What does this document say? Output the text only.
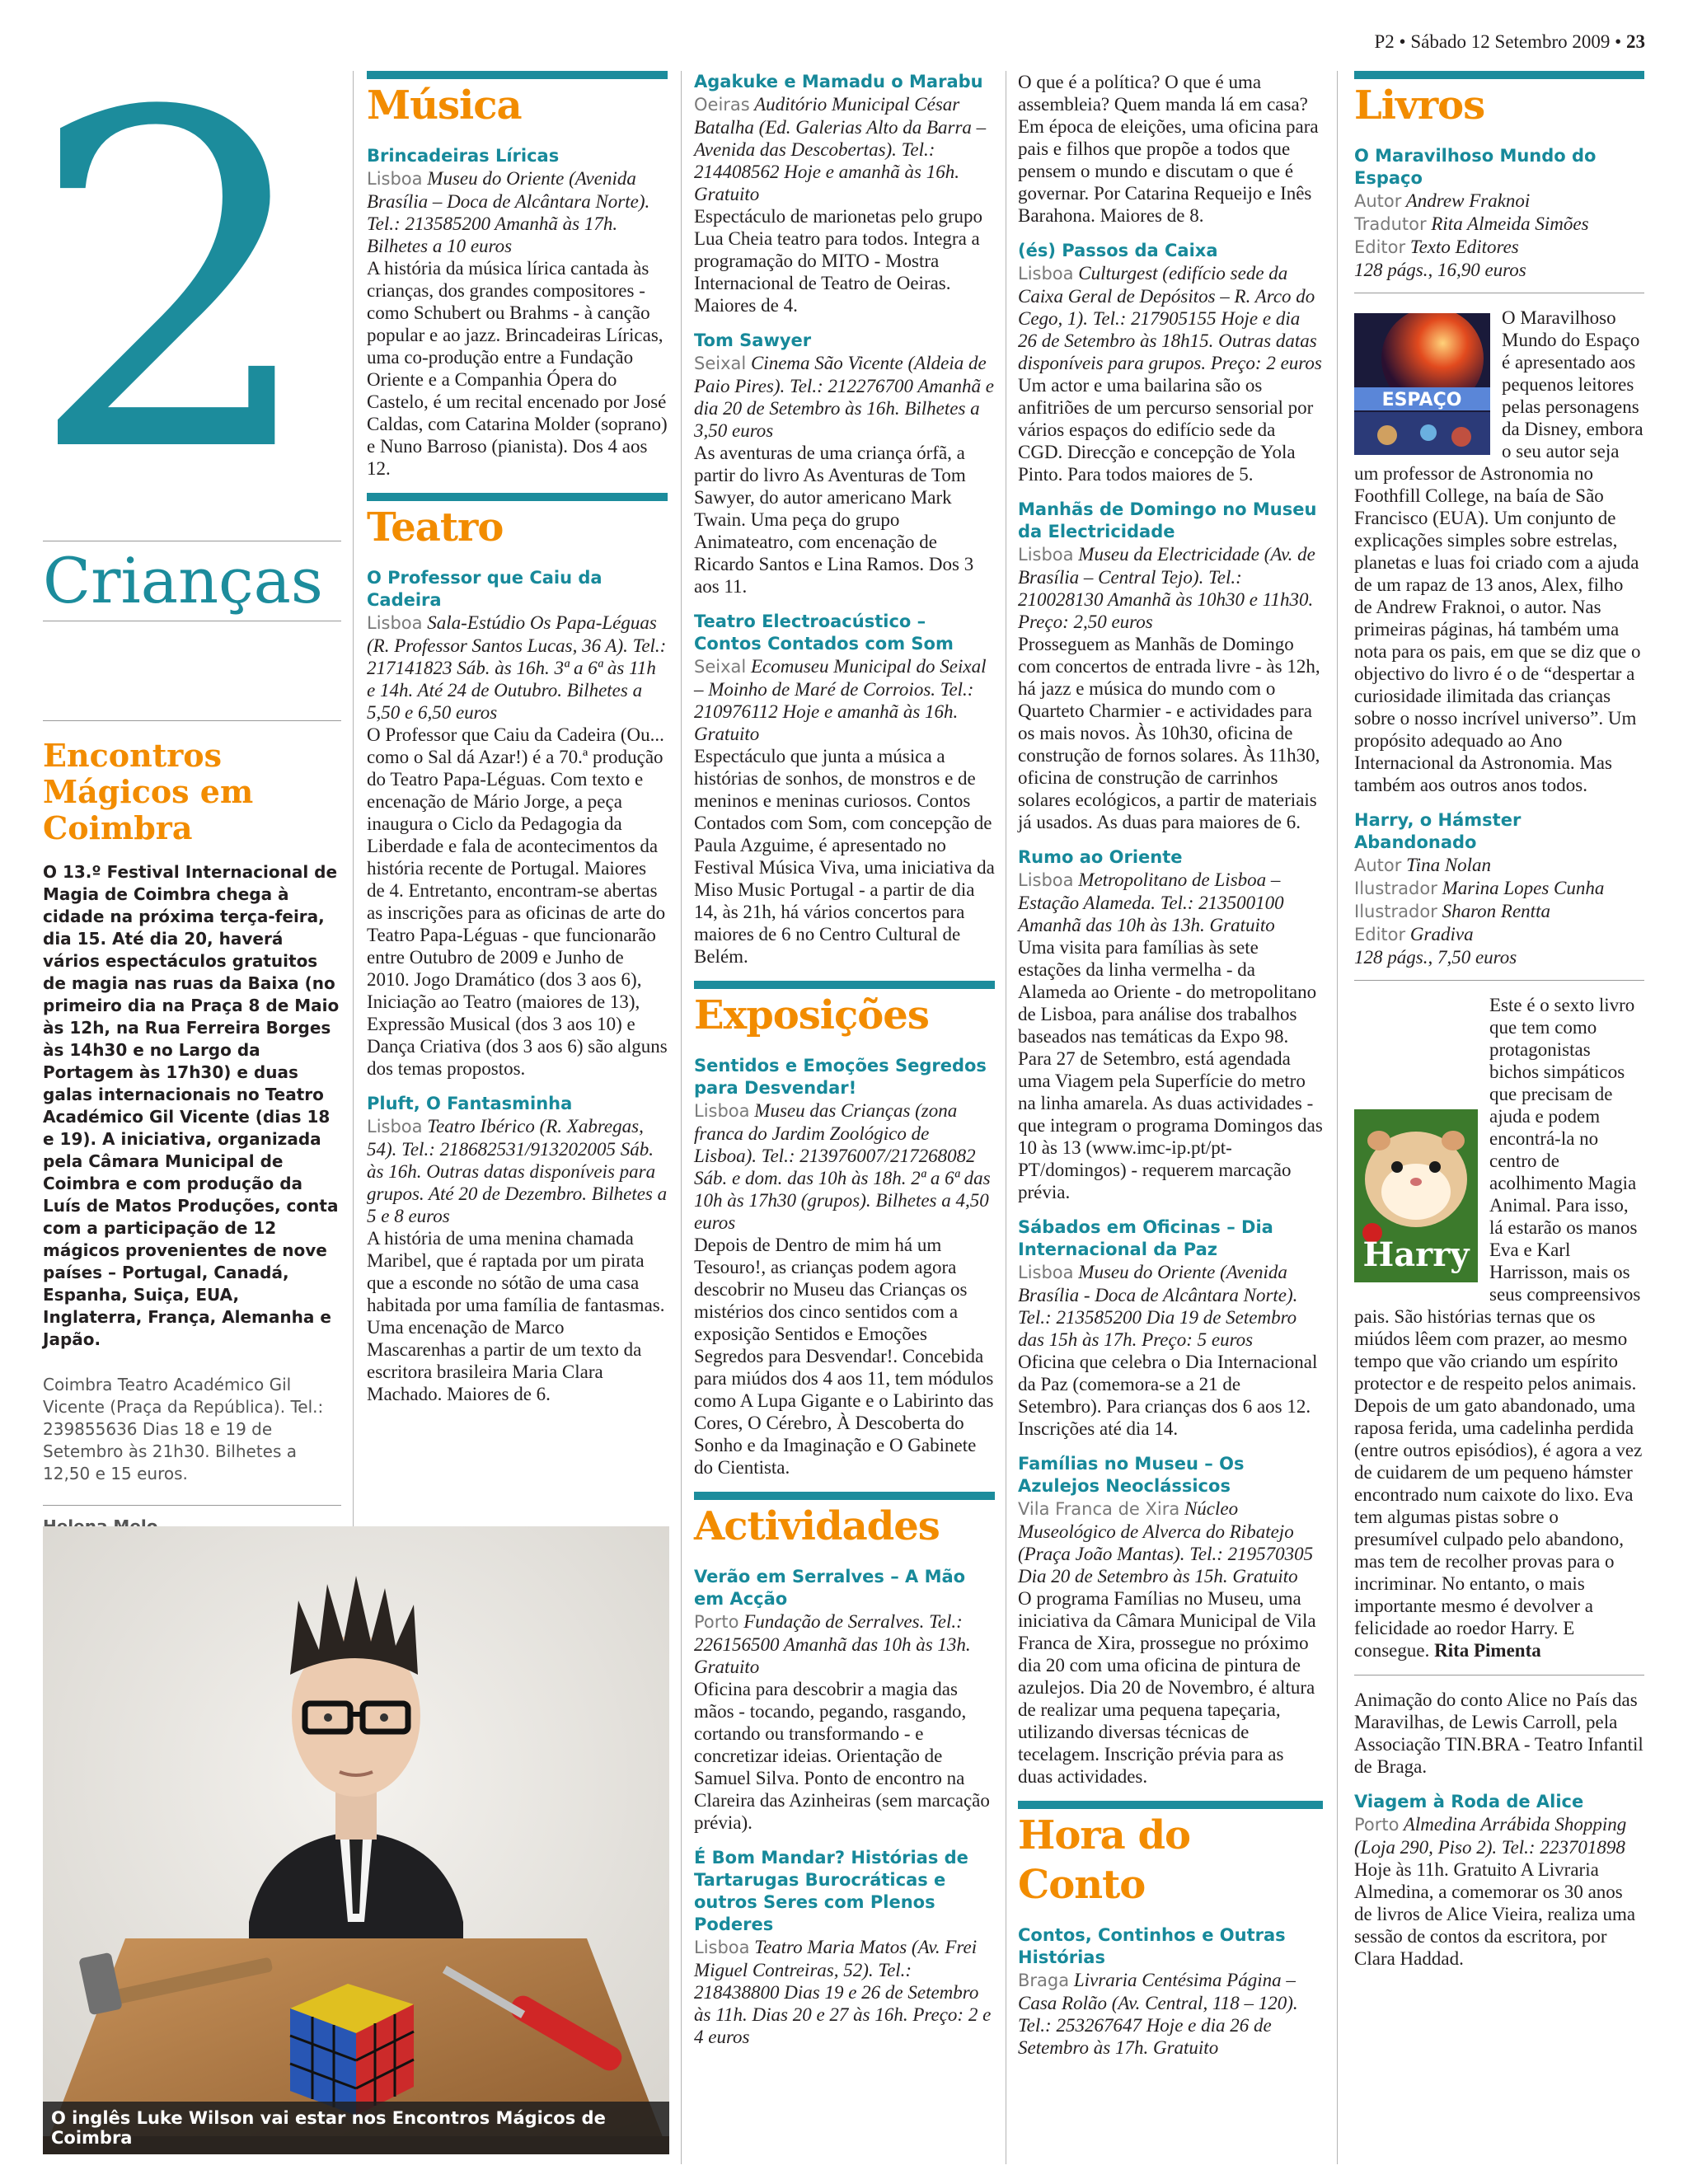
P2 • Sábado 12 Setembro 2009 • 23
2
Crianças
Encontros Mágicos em Coimbra
O 13.º Festival Internacional de Magia de Coimbra chega à cidade na próxima terça-feira, dia 15. Até dia 20, haverá vários espectáculos gratuitos de magia nas ruas da Baixa (no primeiro dia na Praça 8 de Maio às 12h, na Rua Ferreira Borges às 14h30 e no Largo da Portagem às 17h30) e duas galas internacionais no Teatro Académico Gil Vicente (dias 18 e 19). A iniciativa, organizada pela Câmara Municipal de Coimbra e com produção da Luís de Matos Produções, conta com a participação de 12 mágicos provenientes de nove países – Portugal, Canadá, Espanha, Suiça, EUA, Inglaterra, França, Alemanha e Japão.
Coimbra Teatro Académico Gil Vicente (Praça da República). Tel.: 239855636 Dias 18 e 19 de Setembro às 21h30. Bilhetes a 12,50 e 15 euros.
O inglês Luke Wilson vai estar nos Encontros Mágicos de Coimbra
Música
Brincadeiras Líricas
Lisboa Museu do Oriente (Avenida Brasília – Doca de Alcântara Norte). Tel.: 213585200 Amanhã às 17h. Bilhetes a 10 euros
A história da música lírica cantada às crianças, dos grandes compositores - como Schubert ou Brahms - à canção popular e ao jazz. Brincadeiras Líricas, uma co-produção entre a Fundação Oriente e a Companhia Ópera do Castelo, é um recital encenado por José Caldas, com Catarina Molder (soprano) e Nuno Barroso (pianista). Dos 4 aos 12.
Teatro
O Professor que Caiu da Cadeira
Lisboa Sala-Estúdio Os Papa-Léguas (R. Professor Santos Lucas, 36 A). Tel.: 217141823 Sáb. às 16h. 3ª a 6ª às 11h e 14h. Até 24 de Outubro. Bilhetes a 5,50 e 6,50 euros
O Professor que Caiu da Cadeira (Ou... como o Sal dá Azar!) é a 70.ª produção do Teatro Papa-Léguas. Com texto e encenação de Mário Jorge, a peça inaugura o Ciclo da Pedagogia da Liberdade e fala de acontecimentos da história recente de Portugal. Maiores de 4. Entretanto, encontram-se abertas as inscrições para as oficinas de arte do Teatro Papa-Léguas - que funcionarão entre Outubro de 2009 e Junho de 2010. Jogo Dramático (dos 3 aos 6), Iniciação ao Teatro (maiores de 13), Expressão Musical (dos 3 aos 10) e Dança Criativa (dos 3 aos 6) são alguns dos temas propostos.
Pluft, O Fantasminha
Lisboa Teatro Ibérico (R. Xabregas, 54). Tel.: 218682531/913202005 Sáb. às 16h. Outras datas disponíveis para grupos. Até 20 de Dezembro. Bilhetes a 5 e 8 euros
A história de uma menina chamada Maribel, que é raptada por um pirata que a esconde no sótão de uma casa habitada por uma família de fantasmas. Uma encenação de Marco Mascarenhas a partir de um texto da escritora brasileira Maria Clara Machado. Maiores de 6.
Agakuke e Mamadu o Marabu
Oeiras Auditório Municipal César Batalha (Ed. Galerias Alto da Barra – Avenida das Descobertas). Tel.: 214408562 Hoje e amanhã às 16h. Gratuito
Espectáculo de marionetas pelo grupo Lua Cheia teatro para todos. Integra a programação do MITO - Mostra Internacional de Teatro de Oeiras. Maiores de 4.
Tom Sawyer
Seixal Cinema São Vicente (Aldeia de Paio Pires). Tel.: 212276700 Amanhã e dia 20 de Setembro às 16h. Bilhetes a 3,50 euros
As aventuras de uma criança órfã, a partir do livro As Aventuras de Tom Sawyer, do autor americano Mark Twain. Uma peça do grupo Animateatro, com encenação de Ricardo Santos e Lina Ramos. Dos 3 aos 11.
Teatro Electroacústico – Contos Contados com Som
Seixal Ecomuseu Municipal do Seixal – Moinho de Maré de Corroios. Tel.: 210976112 Hoje e amanhã às 16h. Gratuito
Espectáculo que junta a música a histórias de sonhos, de monstros e de meninos e meninas curiosos. Contos Contados com Som, com concepção de Paula Azguime, é apresentado no Festival Música Viva, uma iniciativa da Miso Music Portugal - a partir de dia 14, às 21h, há vários concertos para maiores de 6 no Centro Cultural de Belém.
Exposições
Sentidos e Emoções Segredos para Desvendar!
Lisboa Museu das Crianças (zona franca do Jardim Zoológico de Lisboa). Tel.: 213976007/217268082 Sáb. e dom. das 10h às 18h. 2ª a 6ª das 10h às 17h30 (grupos). Bilhetes a 4,50 euros
Depois de Dentro de mim há um Tesouro!, as crianças podem agora descobrir no Museu das Crianças os mistérios dos cinco sentidos com a exposição Sentidos e Emoções Segredos para Desvendar!. Concebida para miúdos dos 4 aos 11, tem módulos como A Lupa Gigante e o Labirinto das Cores, O Cérebro, À Descoberta do Sonho e da Imaginação e O Gabinete do Cientista.
Actividades
Verão em Serralves – A Mão em Acção
Porto Fundação de Serralves. Tel.: 226156500 Amanhã das 10h às 13h. Gratuito
Oficina para descobrir a magia das mãos - tocando, pegando, rasgando, cortando ou transformando - e concretizar ideias. Orientação de Samuel Silva. Ponto de encontro na Clareira das Azinheiras (sem marcação prévia).
É Bom Mandar? Histórias de Tartarugas Burocráticas e outros Seres com Plenos Poderes
Lisboa Teatro Maria Matos (Av. Frei Miguel Contreiras, 52). Tel.: 218438800 Dias 19 e 26 de Setembro às 11h. Dias 20 e 27 às 16h. Preço: 2 e 4 euros
O que é a política? O que é uma assembleia? Quem manda lá em casa? Em época de eleições, uma oficina para pais e filhos que propõe a todos que pensem o mundo e discutam o que é governar. Por Catarina Requeijo e Inês Barahona. Maiores de 8.
(és) Passos da Caixa
Lisboa Culturgest (edifício sede da Caixa Geral de Depósitos – R. Arco do Cego, 1). Tel.: 217905155 Hoje e dia 26 de Setembro às 18h15. Outras datas disponíveis para grupos. Preço: 2 euros
Um actor e uma bailarina são os anfitriões de um percurso sensorial por vários espaços do edifício sede da CGD. Direcção e concepção de Yola Pinto. Para todos maiores de 5.
Manhãs de Domingo no Museu da Electricidade
Lisboa Museu da Electricidade (Av. de Brasília – Central Tejo). Tel.: 210028130 Amanhã às 10h30 e 11h30. Preço: 2,50 euros
Prosseguem as Manhãs de Domingo com concertos de entrada livre - às 12h, há jazz e música do mundo com o Quarteto Charmier - e actividades para os mais novos. Às 10h30, oficina de construção de fornos solares. Às 11h30, oficina de construção de carrinhos solares ecológicos, a partir de materiais já usados. As duas para maiores de 6.
Rumo ao Oriente
Lisboa Metropolitano de Lisboa – Estação Alameda. Tel.: 213500100 Amanhã das 10h às 13h. Gratuito
Uma visita para famílias às sete estações da linha vermelha - da Alameda ao Oriente - do metropolitano de Lisboa, para análise dos trabalhos baseados nas temáticas da Expo 98. Para 27 de Setembro, está agendada uma Viagem pela Superfície do metro na linha amarela. As duas actividades - que integram o programa Domingos das 10 às 13 (www.imc-ip.pt/pt-PT/domingos) - requerem marcação prévia.
Sábados em Oficinas – Dia Internacional da Paz
Lisboa Museu do Oriente (Avenida Brasília - Doca de Alcântara Norte). Tel.: 213585200 Dia 19 de Setembro das 15h às 17h. Preço: 5 euros
Oficina que celebra o Dia Internacional da Paz (comemora-se a 21 de Setembro). Para crianças dos 6 aos 12. Inscrições até dia 14.
Famílias no Museu – Os Azulejos Neoclássicos
Vila Franca de Xira Núcleo Museológico de Alverca do Ribatejo (Praça João Mantas). Tel.: 219570305 Dia 20 de Setembro às 15h. Gratuito
O programa Famílias no Museu, uma iniciativa da Câmara Municipal de Vila Franca de Xira, prossegue no próximo dia 20 com uma oficina de pintura de azulejos. Dia 20 de Novembro, é altura de realizar uma pequena tapeçaria, utilizando diversas técnicas de tecelagem. Inscrição prévia para as duas actividades.
Hora do Conto
Contos, Continhos e Outras Histórias
Braga Livraria Centésima Página – Casa Rolão (Av. Central, 118 – 120). Tel.: 253267647 Hoje e dia 26 de Setembro às 17h. Gratuito
Livros
O Maravilhoso Mundo do Espaço
Autor Andrew Fraknoi
Tradutor Rita Almeida Simões
Editor Texto Editores
128 págs., 16,90 euros
ESPAÇO
O Maravilhoso Mundo do Espaço é apresentado aos pequenos leitores pelas personagens da Disney, embora o seu autor seja um professor de Astronomia no Foothfill College, na baía de São Francisco (EUA). Um conjunto de explicações simples sobre estrelas, planetas e luas foi criado com a ajuda de um rapaz de 13 anos, Alex, filho de Andrew Fraknoi, o autor. Nas primeiras páginas, há também uma nota para os pais, em que se diz que o objectivo do livro é o de “despertar a curiosidade ilimitada das crianças sobre o nosso incrível universo”. Um propósito adequado ao Ano Internacional da Astronomia. Mas também aos outros anos todos.
Harry, o Hámster Abandonado
Autor Tina Nolan
Ilustrador Marina Lopes Cunha
Ilustrador Sharon Rentta
Editor Gradiva
128 págs., 7,50 euros
Harry
Este é o sexto livro que tem como protagonistas bichos simpáticos que precisam de ajuda e podem encontrá-la no centro de acolhimento Magia Animal. Para isso, lá estarão os manos Eva e Karl Harrisson, mais os seus compreensivos pais. São histórias ternas que os miúdos lêem com prazer, ao mesmo tempo que vão criando um espírito protector e de respeito pelos animais. Depois de um gato abandonado, uma raposa ferida, uma cadelinha perdida (entre outros episódios), é agora a vez de cuidarem de um pequeno hámster encontrado num caixote do lixo. Eva tem algumas pistas sobre o presumível culpado pelo abandono, mas tem de recolher provas para o incriminar. No entanto, o mais importante mesmo é devolver a felicidade ao roedor Harry. E consegue. Rita Pimenta
Animação do conto Alice no País das Maravilhas, de Lewis Carroll, pela Associação TIN.BRA - Teatro Infantil de Braga.
Viagem à Roda de Alice
Porto Almedina Arrábida Shopping (Loja 290, Piso 2). Tel.: 223701898
Hoje às 11h. Gratuito A Livraria Almedina, a comemorar os 30 anos de livros de Alice Vieira, realiza uma sessão de contos da escritora, por Clara Haddad.
